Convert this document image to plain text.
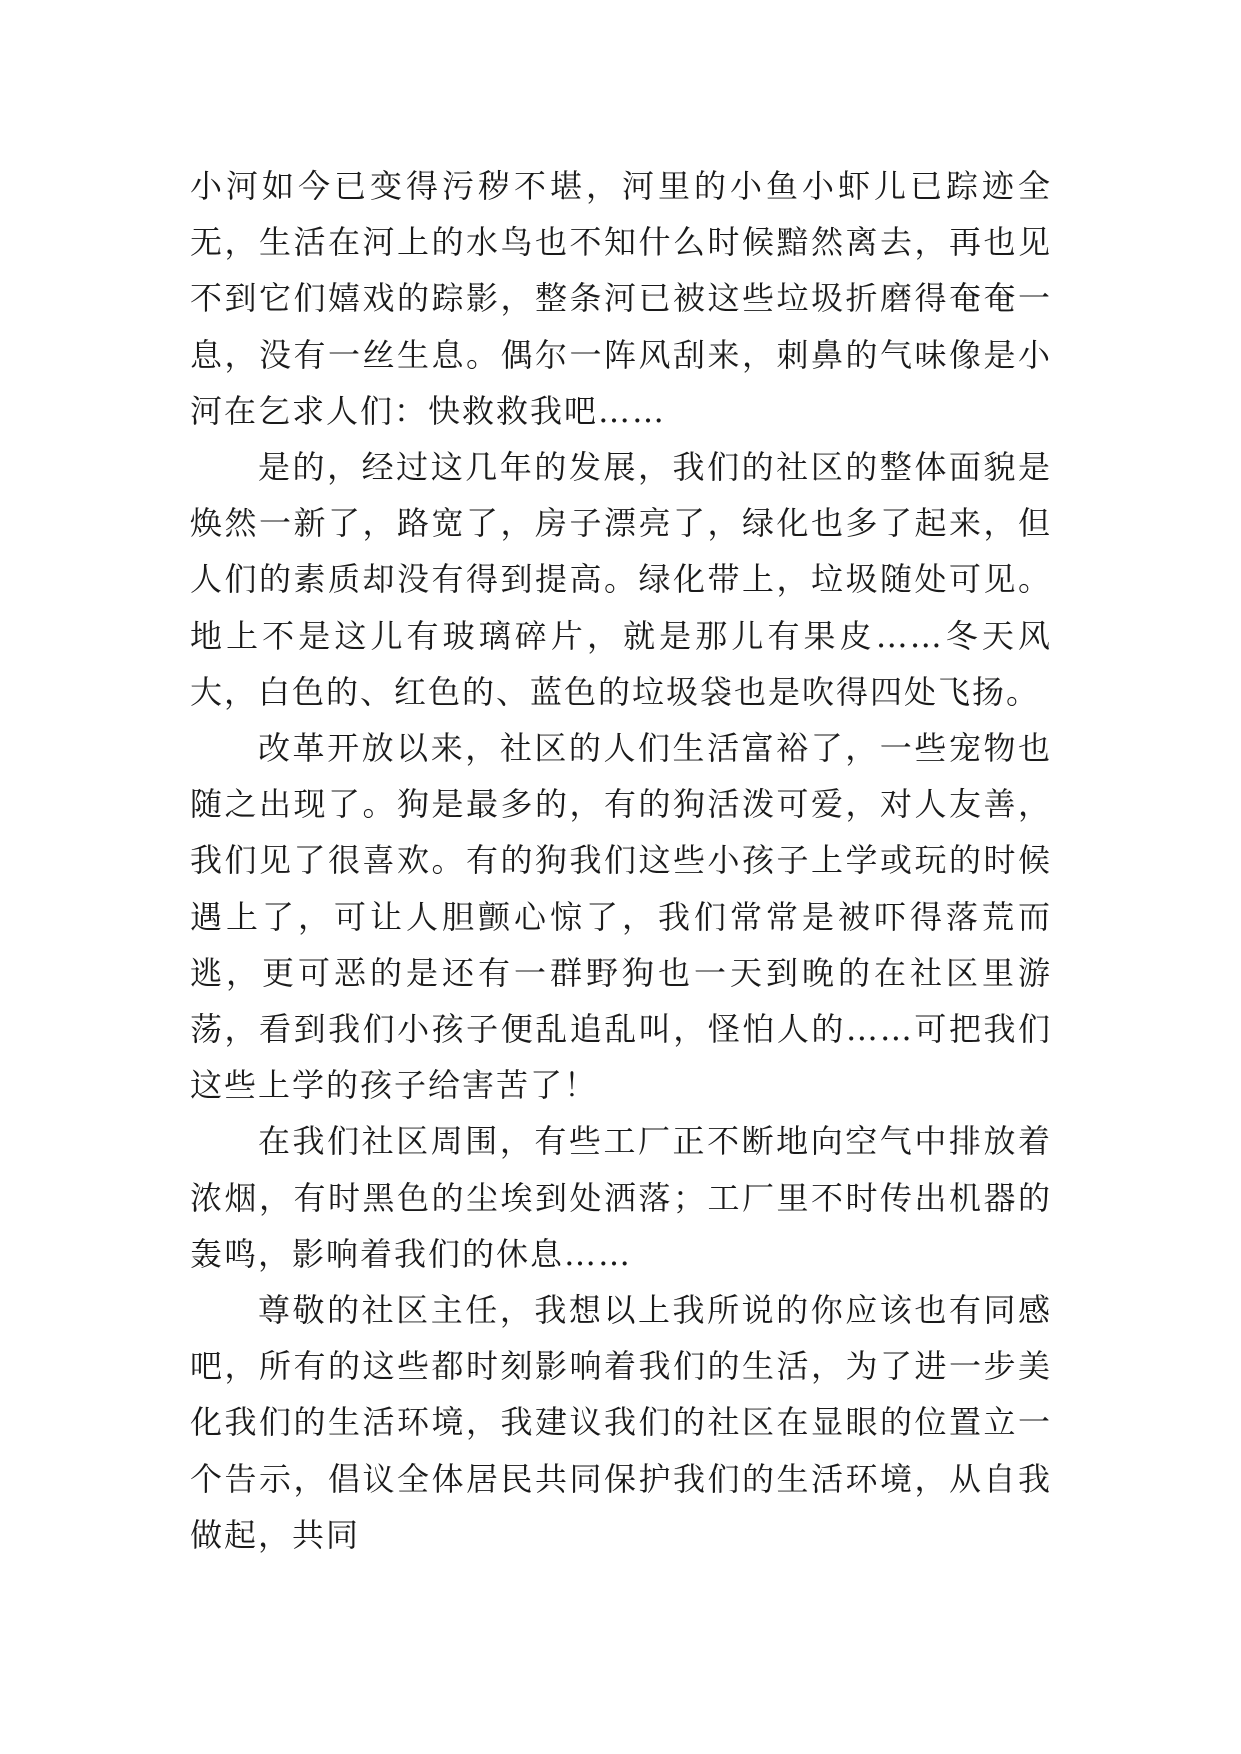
小河如今已变得污秽不堪，河里的小鱼小虾儿已踪迹全无，生活在河上的水鸟也不知什么时候黯然离去，再也见不到它们嬉戏的踪影，整条河已被这些垃圾折磨得奄奄一息，没有一丝生息。偶尔一阵风刮来，刺鼻的气味像是小河在乞求人们：快救救我吧……

是的，经过这几年的发展，我们的社区的整体面貌是焕然一新了，路宽了，房子漂亮了，绿化也多了起来，但人们的素质却没有得到提高。绿化带上，垃圾随处可见。地上不是这儿有玻璃碎片，就是那儿有果皮……冬天风大，白色的、红色的、蓝色的垃圾袋也是吹得四处飞扬。

改革开放以来，社区的人们生活富裕了，一些宠物也随之出现了。狗是最多的，有的狗活泼可爱，对人友善，我们见了很喜欢。有的狗我们这些小孩子上学或玩的时候遇上了，可让人胆颤心惊了，我们常常是被吓得落荒而逃，更可恶的是还有一群野狗也一天到晚的在社区里游荡，看到我们小孩子便乱追乱叫，怪怕人的……可把我们这些上学的孩子给害苦了！

在我们社区周围，有些工厂正不断地向空气中排放着浓烟，有时黑色的尘埃到处洒落；工厂里不时传出机器的轰鸣，影响着我们的休息……

尊敬的社区主任，我想以上我所说的你应该也有同感吧，所有的这些都时刻影响着我们的生活，为了进一步美化我们的生活环境，我建议我们的社区在显眼的位置立一个告示，倡议全体居民共同保护我们的生活环境，从自我做起，共同
